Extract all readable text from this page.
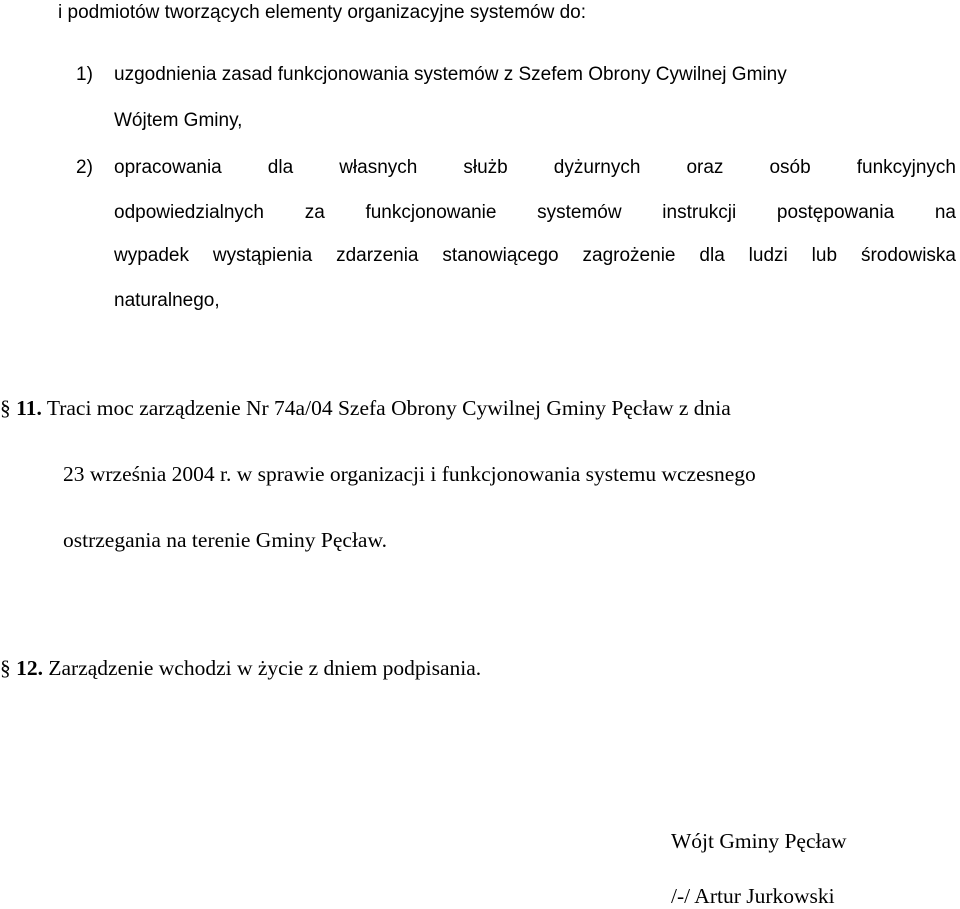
i podmiotów tworzących elementy organizacyjne systemów do:

1) uzgodnienia zasad funkcjonowania systemów z Szefem Obrony Cywilnej Gminy

Wójtem Gminy,

2) opracowania dla własnych służb dyżurnych oraz osób funkcyjnych

odpowiedzialnych za funkcjonowanie systemów instrukcji postępowania na

wypadek wystąpienia zdarzenia stanowiącego zagrożenie dla ludzi lub środowiska

naturalnego,

§ 11. Traci moc zarządzenie Nr 74a/04 Szefa Obrony Cywilnej Gminy Pęcław z dnia

23 września 2004 r. w sprawie organizacji i funkcjonowania systemu wczesnego

ostrzegania na terenie Gminy Pęcław.

§ 12. Zarządzenie wchodzi w życie z dniem podpisania.

Wójt Gminy Pęcław

/-/ Artur Jurkowski
